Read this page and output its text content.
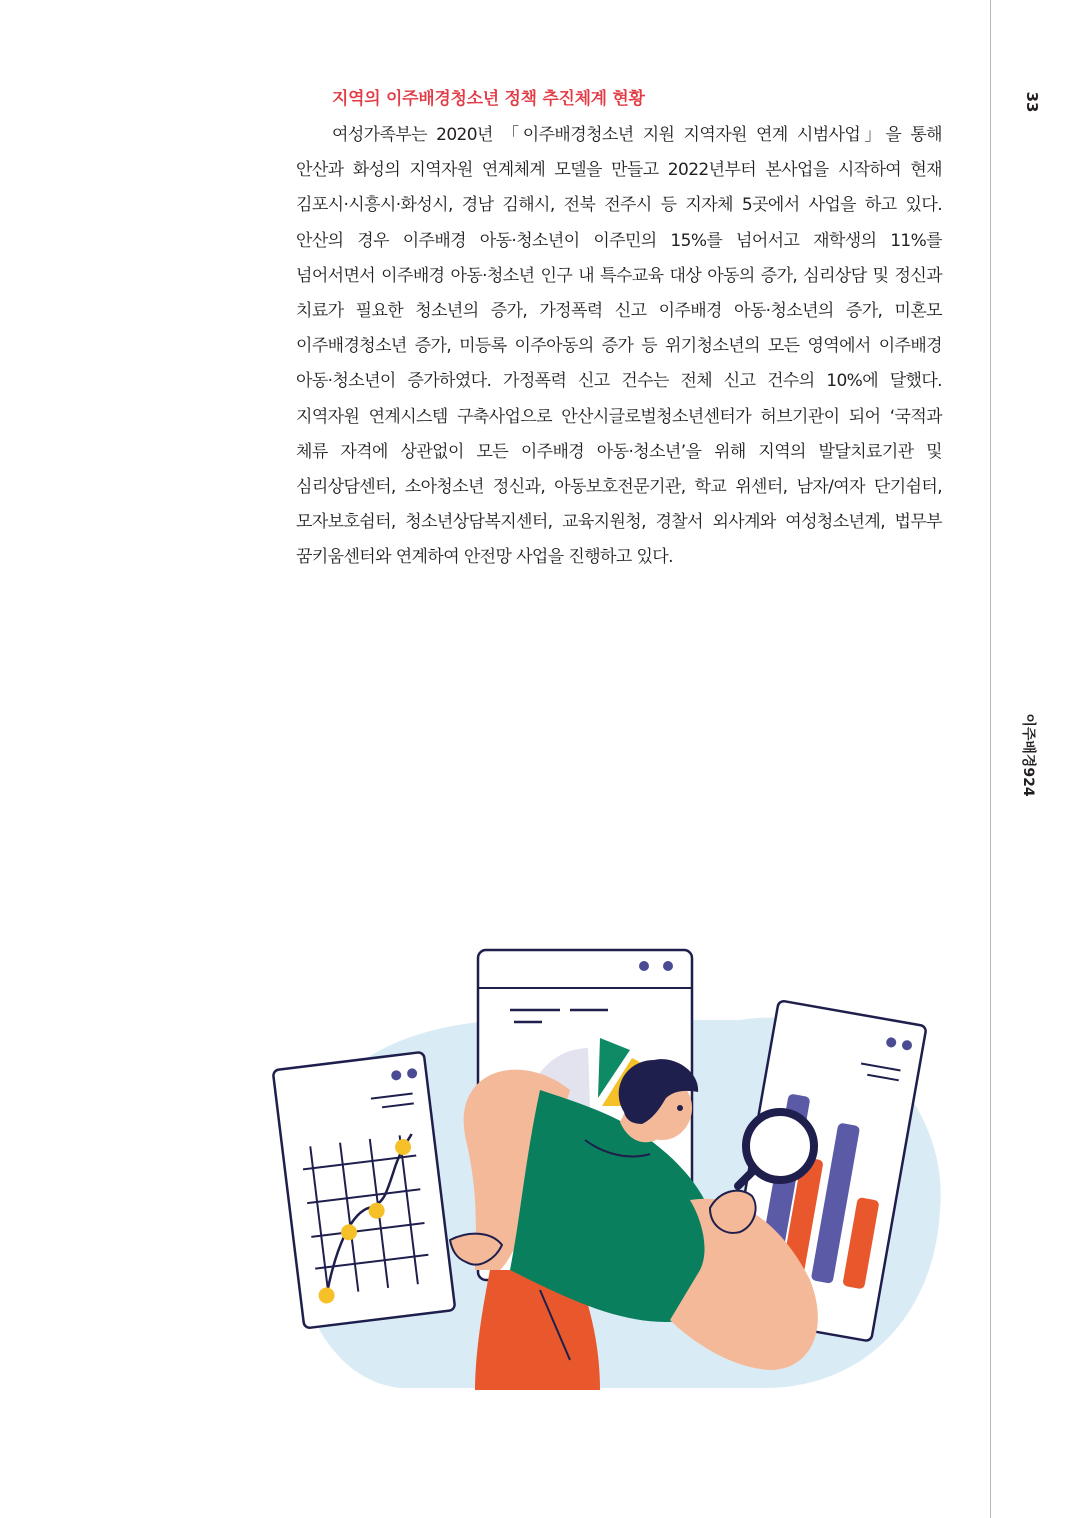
지역의 이주배경청소년 정책 추진체계 현황

여성가족부는 2020년 「이주배경청소년 지원 지역자원 연계 시범사업」을 통해 안산과 화성의 지역자원 연계체계 모델을 만들고 2022년부터 본사업을 시작하여 현재 김포시·시흥시·화성시, 경남 김해시, 전북 전주시 등 지자체 5곳에서 사업을 하고 있다. 안산의 경우 이주배경 아동·청소년이 이주민의 15%를 넘어서고 재학생의 11%를 넘어서면서 이주배경 아동·청소년 인구 내 특수교육 대상 아동의 증가, 심리상담 및 정신과 치료가 필요한 청소년의 증가, 가정폭력 신고 이주배경 아동·청소년의 증가, 미혼모 이주배경청소년 증가, 미등록 이주아동의 증가 등 위기청소년의 모든 영역에서 이주배경 아동·청소년이 증가하였다. 가정폭력 신고 건수는 전체 신고 건수의 10%에 달했다. 지역자원 연계시스템 구축사업으로 안산시글로벌청소년센터가 허브기관이 되어 ‘국적과 체류 자격에 상관없이 모든 이주배경 아동·청소년’을 위해 지역의 발달치료기관 및 심리상담센터, 소아청소년 정신과, 아동보호전문기관, 학교 위센터, 남자/여자 단기쉼터, 모자보호쉼터, 청소년상담복지센터, 교육지원청, 경찰서 외사계와 여성청소년계, 법무부 꿈키움센터와 연계하여 안전망 사업을 진행하고 있다.

33
이주배경924
